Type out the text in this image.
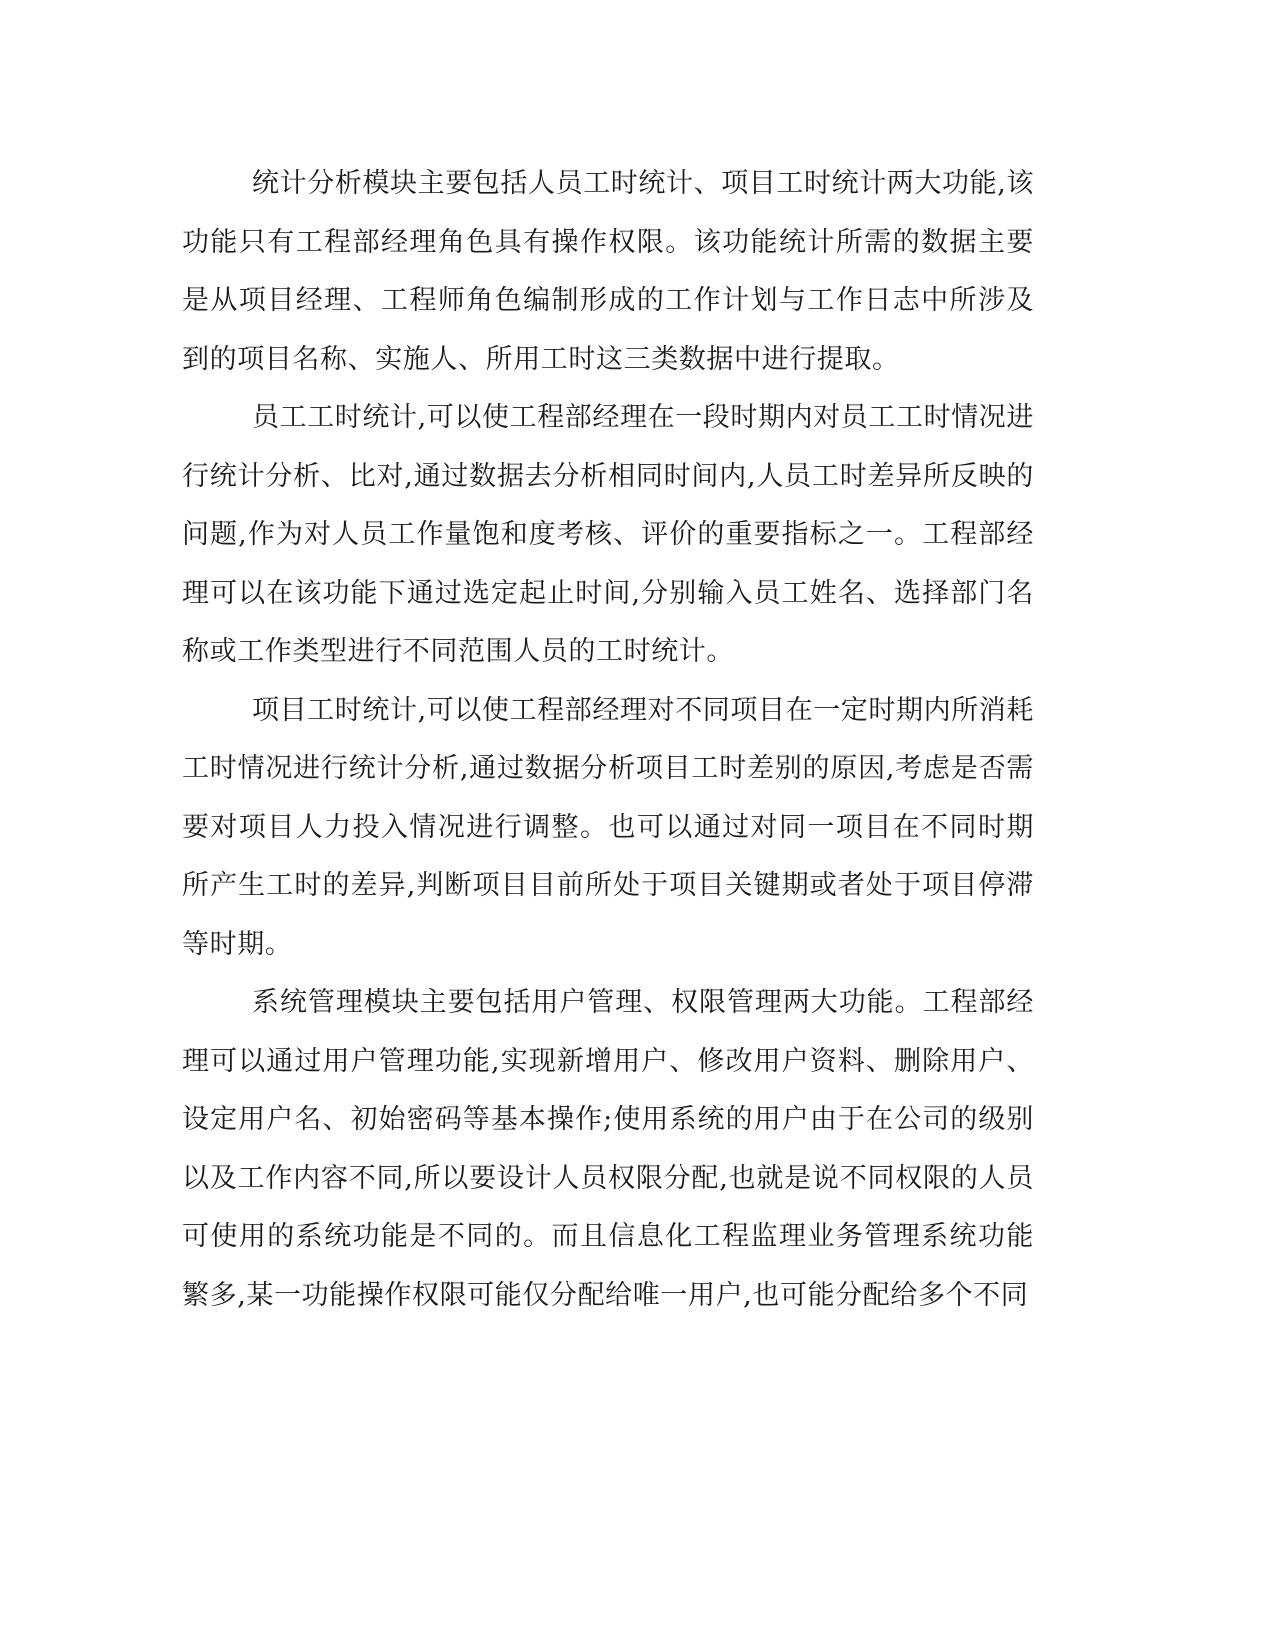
统计分析模块主要包括人员工时统计、项目工时统计两大功能,该功能只有工程部经理角色具有操作权限。该功能统计所需的数据主要是从项目经理、工程师角色编制形成的工作计划与工作日志中所涉及到的项目名称、实施人、所用工时这三类数据中进行提取。

员工工时统计,可以使工程部经理在一段时期内对员工工时情况进行统计分析、比对,通过数据去分析相同时间内,人员工时差异所反映的问题,作为对人员工作量饱和度考核、评价的重要指标之一。工程部经理可以在该功能下通过选定起止时间,分别输入员工姓名、选择部门名称或工作类型进行不同范围人员的工时统计。

项目工时统计,可以使工程部经理对不同项目在一定时期内所消耗工时情况进行统计分析,通过数据分析项目工时差别的原因,考虑是否需要对项目人力投入情况进行调整。也可以通过对同一项目在不同时期所产生工时的差异,判断项目目前所处于项目关键期或者处于项目停滞等时期。

系统管理模块主要包括用户管理、权限管理两大功能。工程部经理可以通过用户管理功能,实现新增用户、修改用户资料、删除用户、设定用户名、初始密码等基本操作;使用系统的用户由于在公司的级别以及工作内容不同,所以要设计人员权限分配,也就是说不同权限的人员可使用的系统功能是不同的。而且信息化工程监理业务管理系统功能繁多,某一功能操作权限可能仅分配给唯一用户,也可能分配给多个不同
